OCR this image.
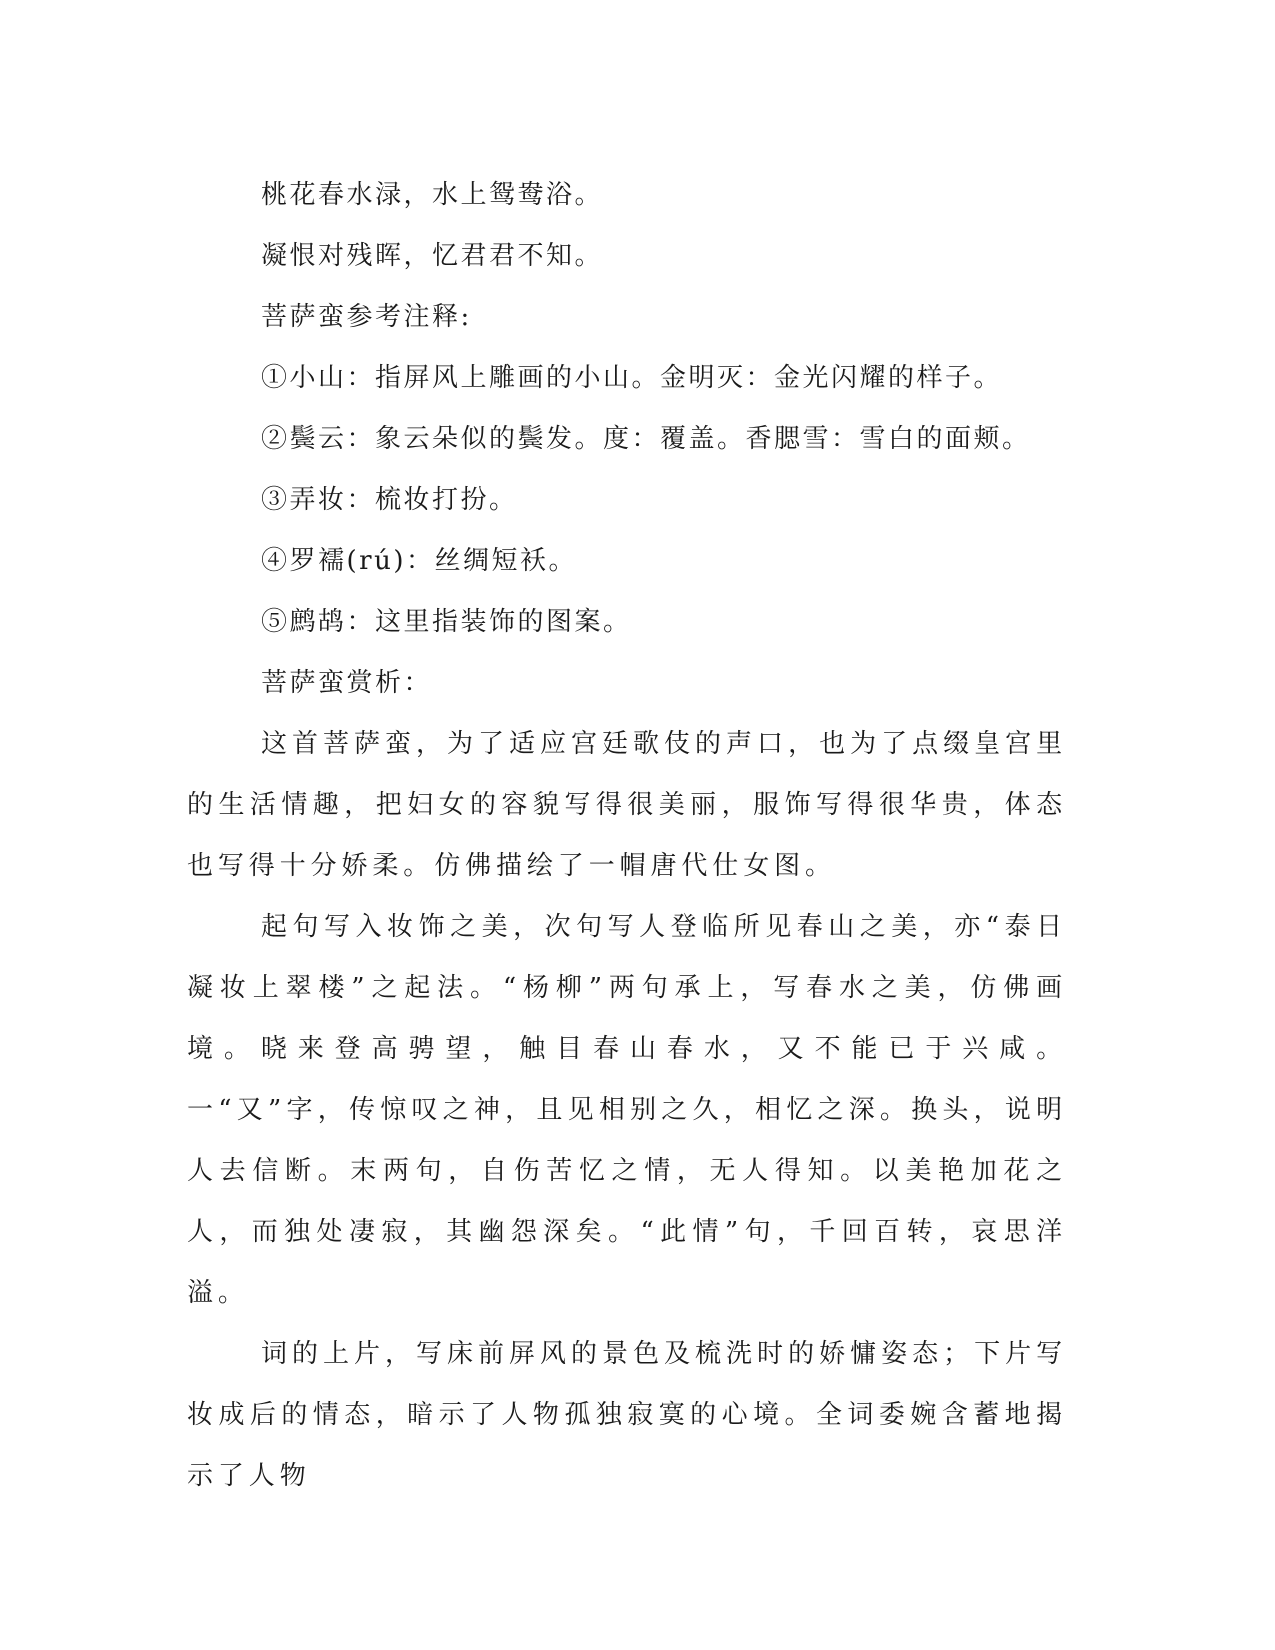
桃花春水渌，水上鸳鸯浴。
凝恨对残晖，忆君君不知。
菩萨蛮参考注释:
①小山：指屏风上雕画的小山。金明灭：金光闪耀的样子。
②鬓云：象云朵似的鬓发。度：覆盖。香腮雪：雪白的面颊。
③弄妆：梳妆打扮。
④罗襦(rú)：丝绸短袄。
⑤鹧鸪：这里指装饰的图案。
菩萨蛮赏析：

这首菩萨蛮，为了适应宫廷歌伎的声口，也为了点缀皇宫里的生活情趣，把妇女的容貌写得很美丽，服饰写得很华贵，体态也写得十分娇柔。仿佛描绘了一帽唐代仕女图。

起句写入妆饰之美，次句写人登临所见春山之美，亦“泰日凝妆上翠楼”之起法。“杨柳”两句承上，写春水之美，仿佛画境。晓来登高骋望，触目春山春水，又不能已于兴咸。一“又”字，传惊叹之神，且见相别之久，相忆之深。换头，说明人去信断。末两句，自伤苦忆之情，无人得知。以美艳加花之人，而独处凄寂，其幽怨深矣。“此情”句，千回百转，哀思洋溢。

词的上片，写床前屏风的景色及梳洗时的娇慵姿态；下片写妆成后的情态，暗示了人物孤独寂寞的心境。全词委婉含蓄地揭示了人物
